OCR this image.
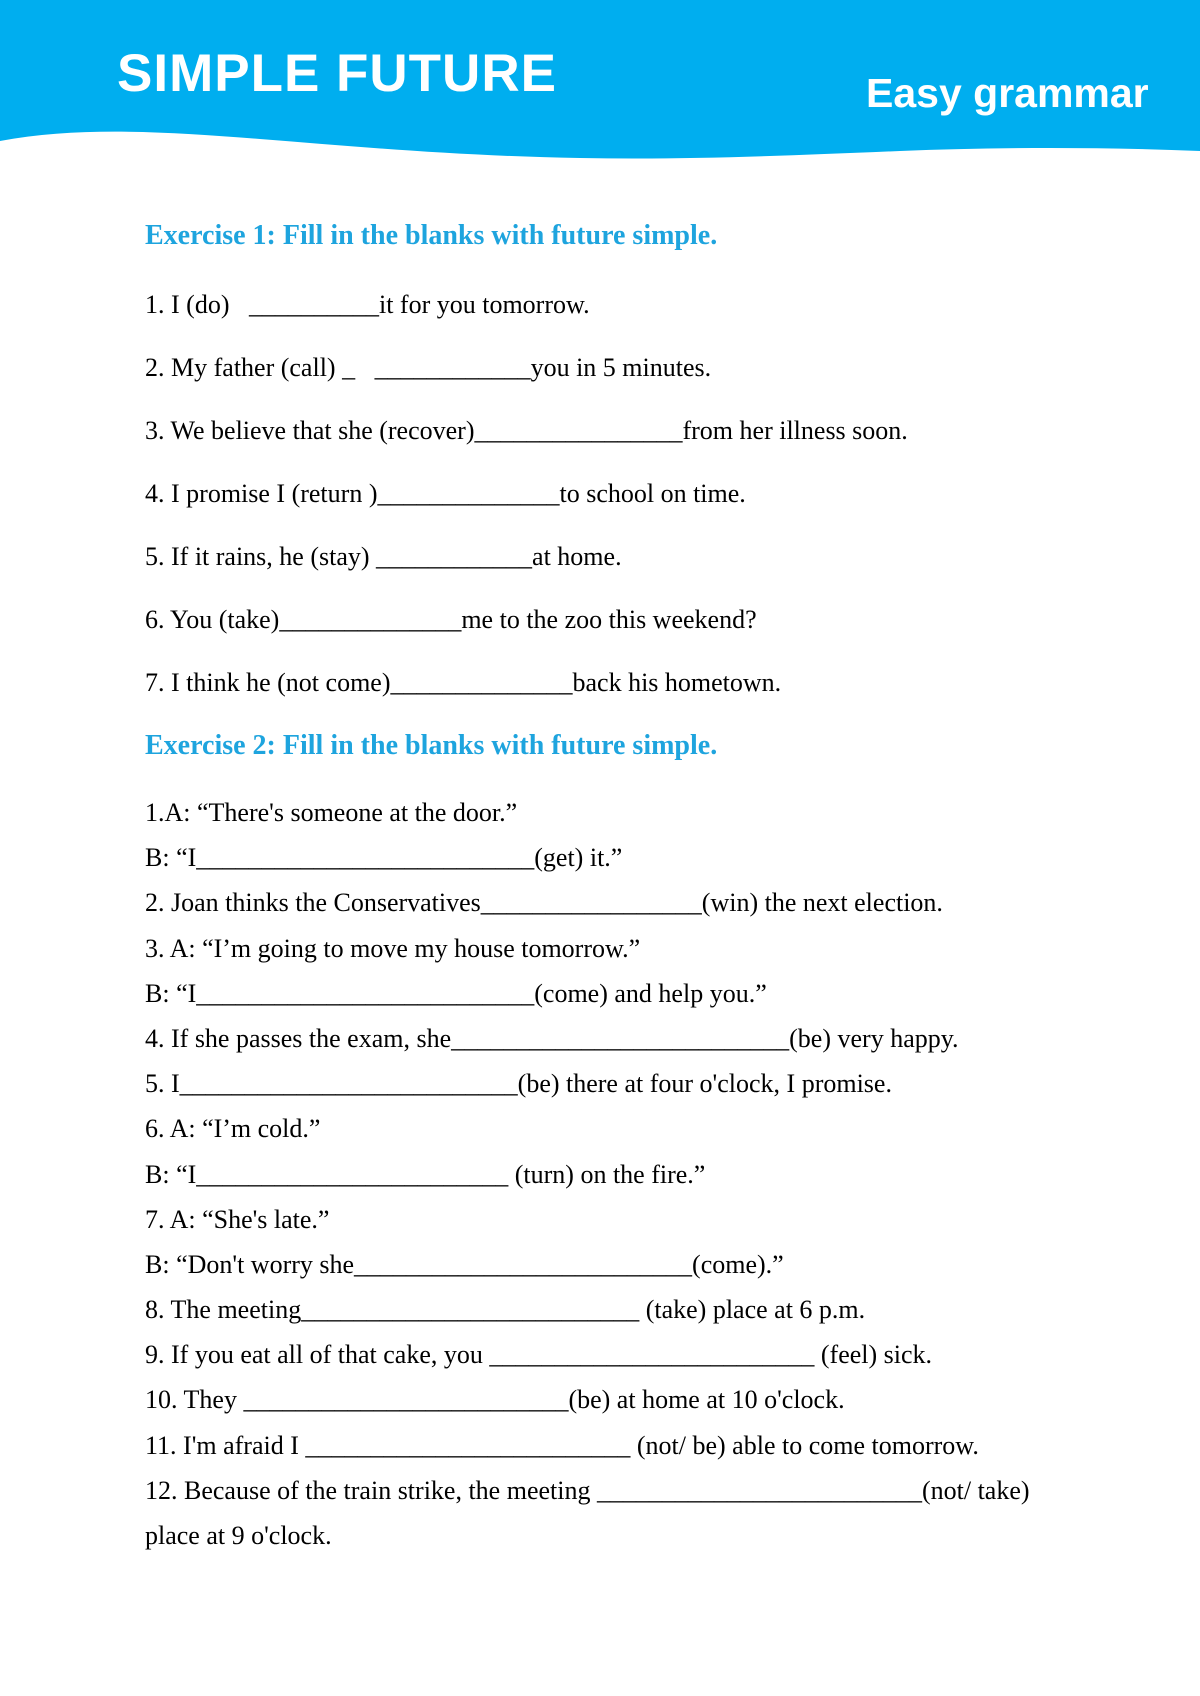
SIMPLE FUTURE	Easy grammar
Exercise 1: Fill in the blanks with future simple.
1. I (do)   __________it for you tomorrow.
2. My father (call) _   ____________you in 5 minutes.
3. We believe that she (recover)________________from her illness soon.
4. I promise I (return )______________to school on time.
5. If it rains, he (stay) ____________at home.
6. You (take)______________me to the zoo this weekend?
7. I think he (not come)______________back his hometown.
Exercise 2: Fill in the blanks with future simple.
1.A: “There's someone at the door.”
B: “I__________________________(get) it.”
2. Joan thinks the Conservatives_________________(win) the next election.
3. A: “I’m going to move my house tomorrow.”
B: “I__________________________(come) and help you.”
4. If she passes the exam, she__________________________(be) very happy.
5. I__________________________(be) there at four o'clock, I promise.
6. A: “I’m cold.”
B: “I________________________ (turn) on the fire.”
7. A: “She's late.”
B: “Don't worry she__________________________(come).”
8. The meeting__________________________ (take) place at 6 p.m.
9. If you eat all of that cake, you _________________________ (feel) sick.
10. They _________________________(be) at home at 10 o'clock.
11. I'm afraid I _________________________ (not/ be) able to come tomorrow.
12. Because of the train strike, the meeting _________________________(not/ take)
place at 9 o'clock.
